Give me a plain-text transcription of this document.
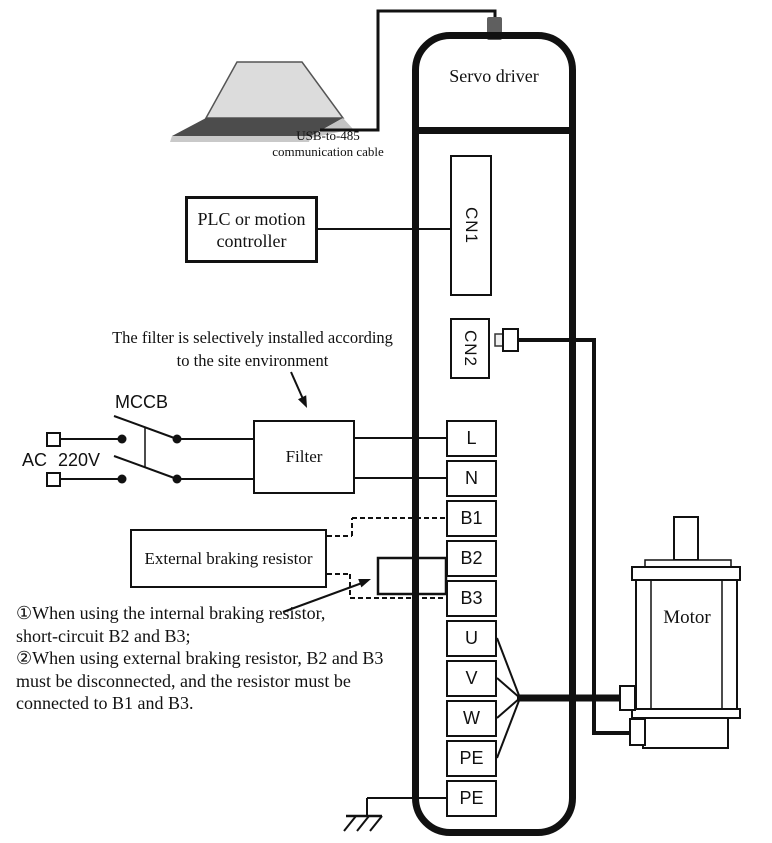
Servo driver
CN1
CN2
L
N
B1
B2
B3
U
V
W
PE
PE
PLC or motion
controller
Filter
External braking resistor
USB-to-485
communication cable
The filter is selectively installed according
to the site environment
MCCB
AC 220V
①When using the internal braking resistor,
short-circuit B2 and B3;
②When using external braking resistor, B2 and B3
must be disconnected, and the resistor must be
connected to B1 and B3.
Motor
